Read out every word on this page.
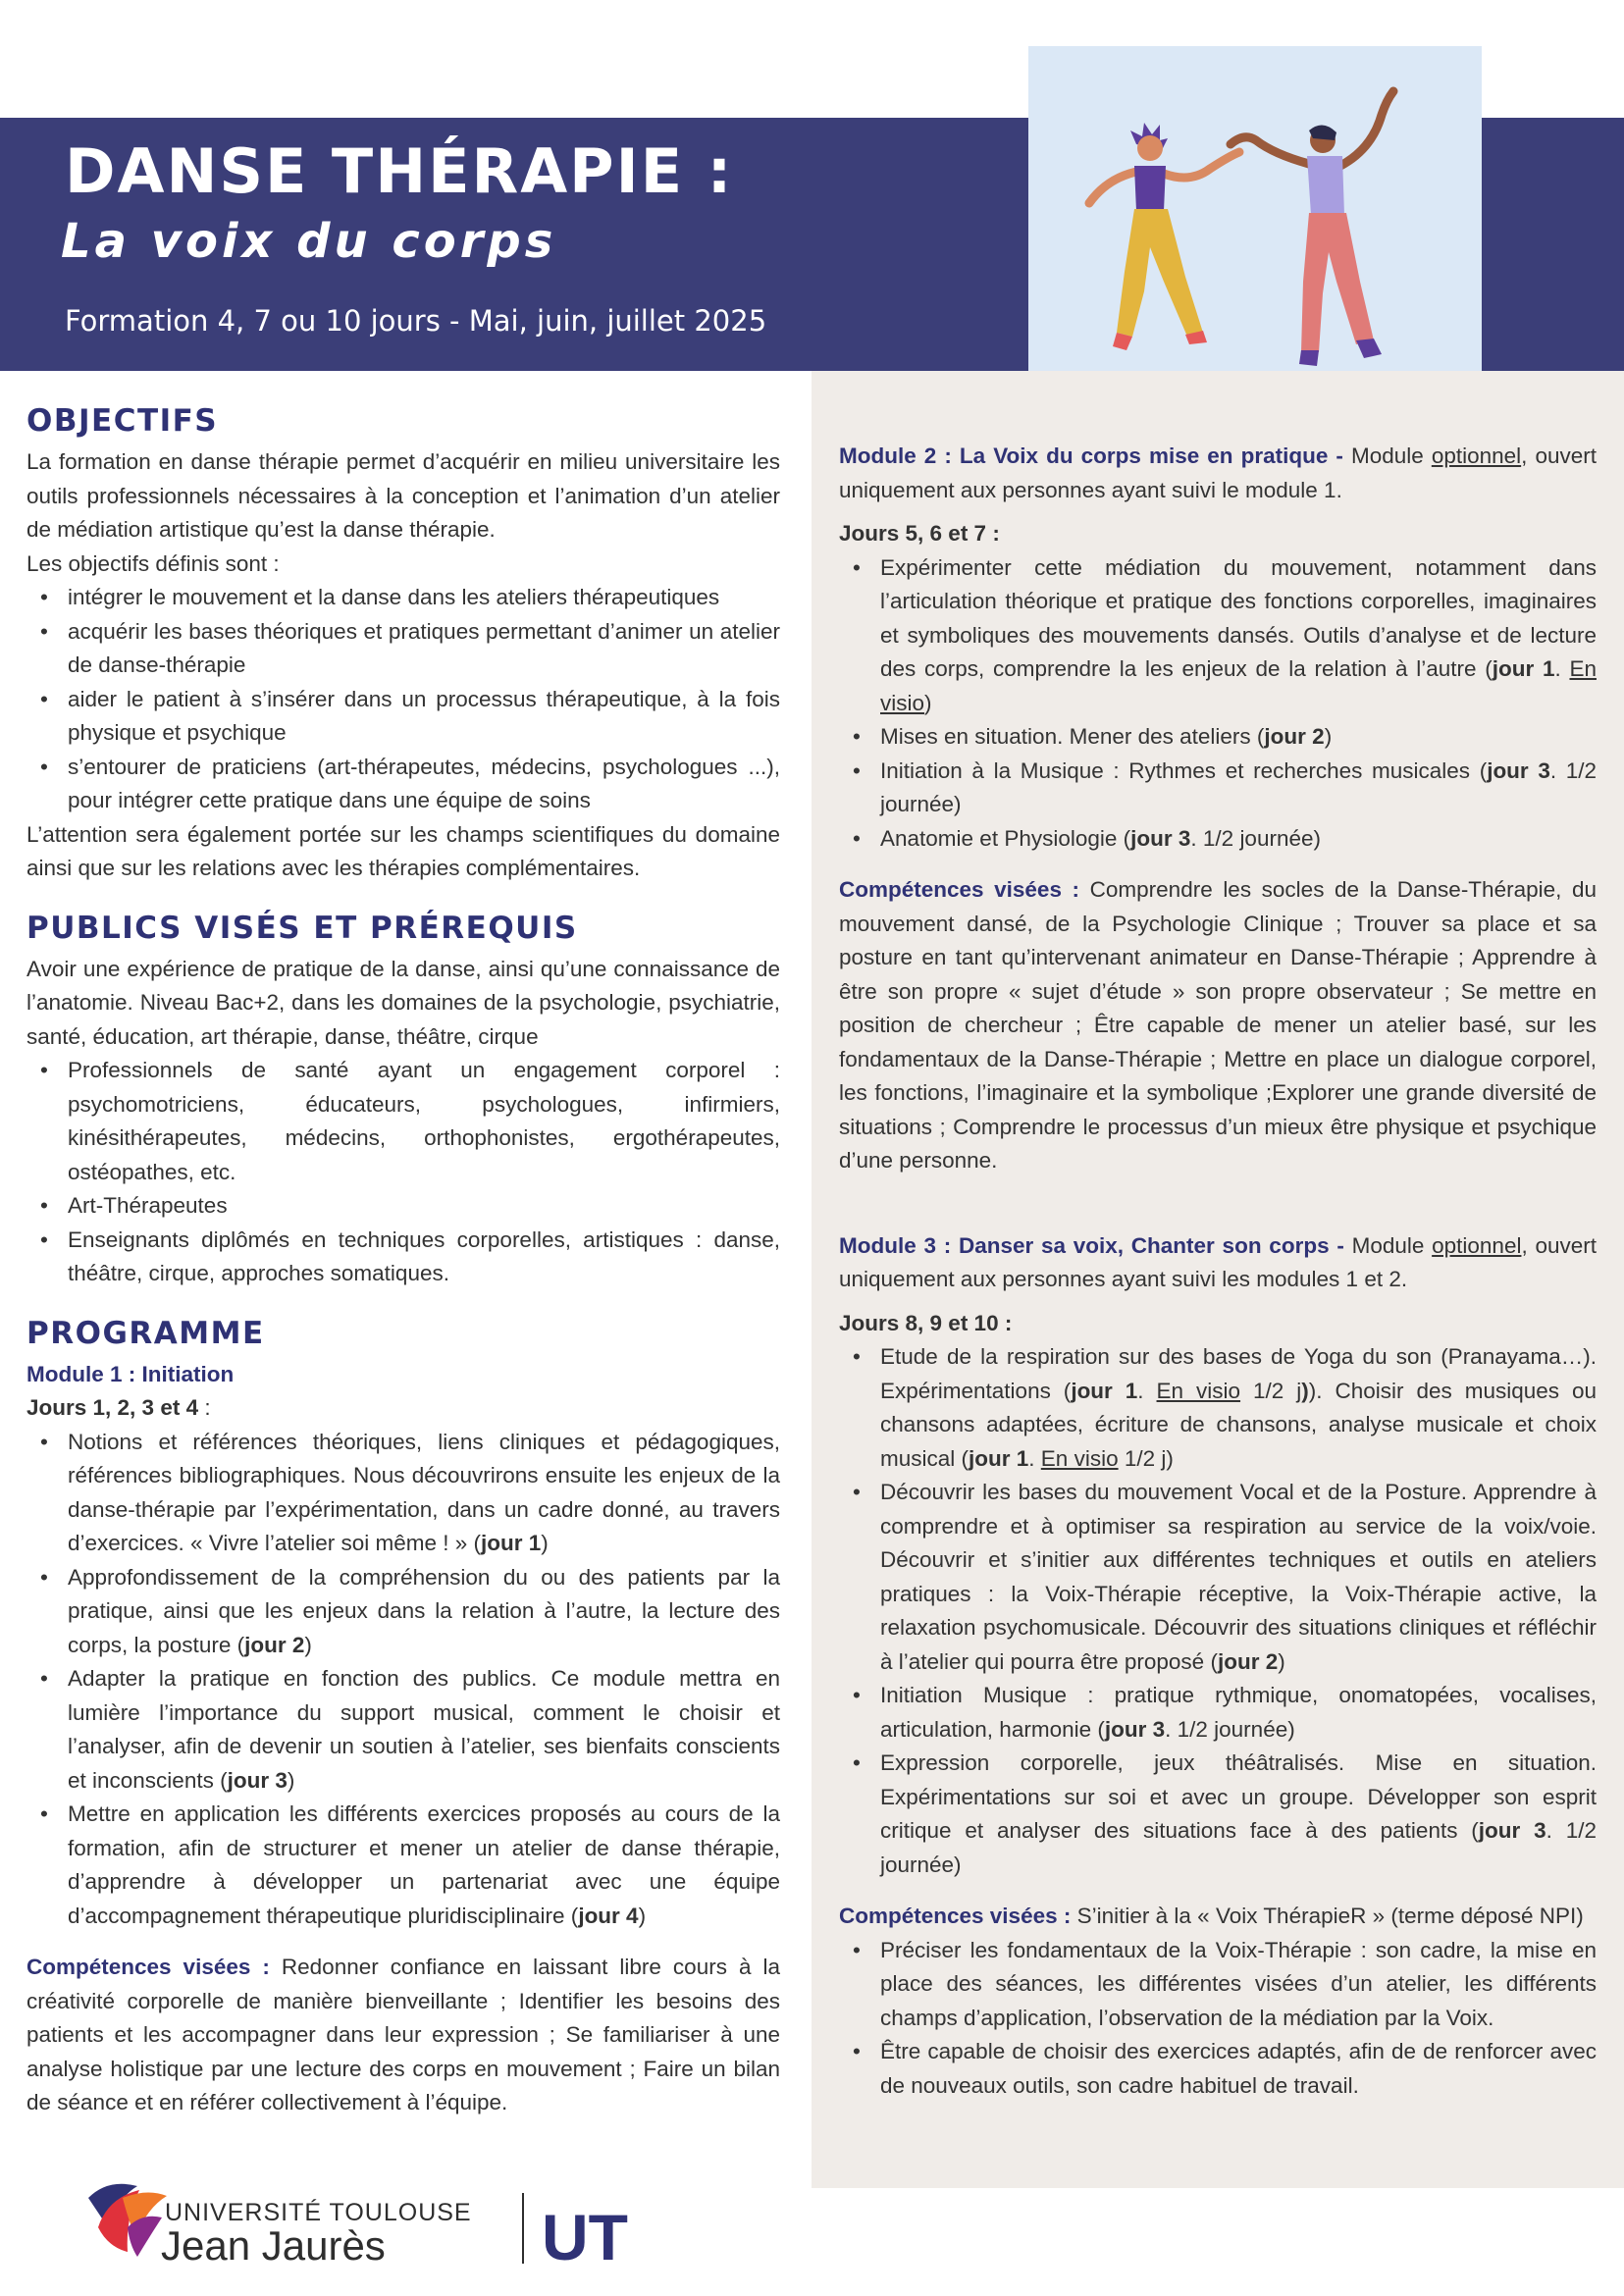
DANSE THÉRAPIE :
La voix du corps
Formation 4, 7 ou 10 jours - Mai, juin, juillet 2025
OBJECTIFS

La formation en danse thérapie permet d’acquérir en milieu universitaire les outils professionnels nécessaires à la conception et l’animation d’un atelier de médiation artistique qu’est la danse thérapie.

Les objectifs définis sont :

• intégrer le mouvement et la danse dans les ateliers thérapeutiques
• acquérir les bases théoriques et pratiques permettant d’animer un atelier de danse-thérapie
• aider le patient à s’insérer dans un processus thérapeutique, à la fois physique et psychique
• s’entourer de praticiens (art-thérapeutes, médecins, psychologues ...), pour intégrer cette pratique dans une équipe de soins

L’attention sera également portée sur les champs scientifiques du domaine ainsi que sur les relations avec les thérapies complémentaires.

PUBLICS VISÉS ET PRÉREQUIS

Avoir une expérience de pratique de la danse, ainsi qu’une connaissance de l’anatomie. Niveau Bac+2, dans les domaines de la psychologie, psychiatrie, santé, éducation, art thérapie, danse, théâtre, cirque

• Professionnels de santé ayant un engagement corporel : psychomotriciens, éducateurs, psychologues, infirmiers, kinésithérapeutes, médecins, orthophonistes, ergothérapeutes, ostéopathes, etc.
• Art-Thérapeutes
• Enseignants diplômés en techniques corporelles, artistiques : danse, théâtre, cirque, approches somatiques.
PROGRAMME

Module 1 : Initiation

Jours 1, 2, 3 et 4 :

• Notions et références théoriques, liens cliniques et pédagogiques, références bibliographiques. Nous découvrirons ensuite les enjeux de la danse-thérapie par l’expérimentation, dans un cadre donné, au travers d’exercices. « Vivre l’atelier soi même ! » (jour 1)
• Approfondissement de la compréhension du ou des patients par la pratique, ainsi que les enjeux dans la relation à l’autre, la lecture des corps, la posture (jour 2)
• Adapter la pratique en fonction des publics. Ce module mettra en lumière l’importance du support musical, comment le choisir et l’analyser, afin de devenir un soutien à l’atelier, ses bienfaits conscients et inconscients (jour 3)
• Mettre en application les différents exercices proposés au cours de la formation, afin de structurer et mener un atelier de danse thérapie, d’apprendre à développer un partenariat avec une équipe d’accompagnement thérapeutique pluridisciplinaire (jour 4)

Compétences visées : Redonner confiance en laissant libre cours à la créativité corporelle de manière bienveillante ; Identifier les besoins des patients et les accompagner dans leur expression ; Se familiariser à une analyse holistique par une lecture des corps en mouvement ; Faire un bilan de séance et en référer collectivement à l’équipe.

Module 2 : La Voix du corps mise en pratique - Module optionnel, ouvert uniquement aux personnes ayant suivi le module 1.

Jours 5, 6 et 7 :

• Expérimenter cette médiation du mouvement, notamment dans l’articulation théorique et pratique des fonctions corporelles, imaginaires et symboliques des mouvements dansés. Outils d’analyse et de lecture des corps, comprendre la les enjeux de la relation à l’autre (jour 1. En visio)
• Mises en situation. Mener des ateliers (jour 2)
• Initiation à la Musique : Rythmes et recherches musicales (jour 3. 1/2 journée)
• Anatomie et Physiologie (jour 3. 1/2 journée)

Compétences visées : Comprendre les socles de la Danse-Thérapie, du mouvement dansé, de la Psychologie Clinique ; Trouver sa place et sa posture en tant qu’intervenant animateur en Danse-Thérapie ; Apprendre à être son propre « sujet d’étude » son propre observateur ; Se mettre en position de chercheur ; Être capable de mener un atelier basé, sur les fondamentaux de la Danse-Thérapie ; Mettre en place un dialogue corporel, les fonctions, l’imaginaire et la symbolique ;Explorer une grande diversité de situations ; Comprendre le processus d’un mieux être physique et psychique d’une personne.

Module 3 : Danser sa voix, Chanter son corps - Module optionnel, ouvert uniquement aux personnes ayant suivi les modules 1 et 2.

Jours 8, 9 et 10 :

• Etude de la respiration sur des bases de Yoga du son (Pranayama…). Expérimentations (jour 1. En visio 1/2 j)). Choisir des musiques ou chansons adaptées, écriture de chansons, analyse musicale et choix musical (jour 1. En visio 1/2 j)
• Découvrir les bases du mouvement Vocal et de la Posture. Apprendre à comprendre et à optimiser sa respiration au service de la voix/voie. Découvrir et s’initier aux différentes techniques et outils en ateliers pratiques : la Voix-Thérapie réceptive, la Voix-Thérapie active, la relaxation psychomusicale. Découvrir des situations cliniques et réfléchir à l’atelier qui pourra être proposé (jour 2)
• Initiation Musique : pratique rythmique, onomatopées, vocalises, articulation, harmonie (jour 3. 1/2 journée)
• Expression corporelle, jeux théâtralisés. Mise en situation. Expérimentations sur soi et avec un groupe. Développer son esprit critique et analyser des situations face à des patients (jour 3. 1/2 journée)

Compétences visées : S’initier à la « Voix ThérapieR » (terme déposé NPI)

• Préciser les fondamentaux de la Voix-Thérapie : son cadre, la mise en place des séances, les différentes visées d’un atelier, les différents champs d’application, l’observation de la médiation par la Voix.
• Être capable de choisir des exercices adaptés, afin de de renforcer avec de nouveaux outils, son cadre habituel de travail.
UNIVERSITÉ TOULOUSE
Jean Jaurès UT
